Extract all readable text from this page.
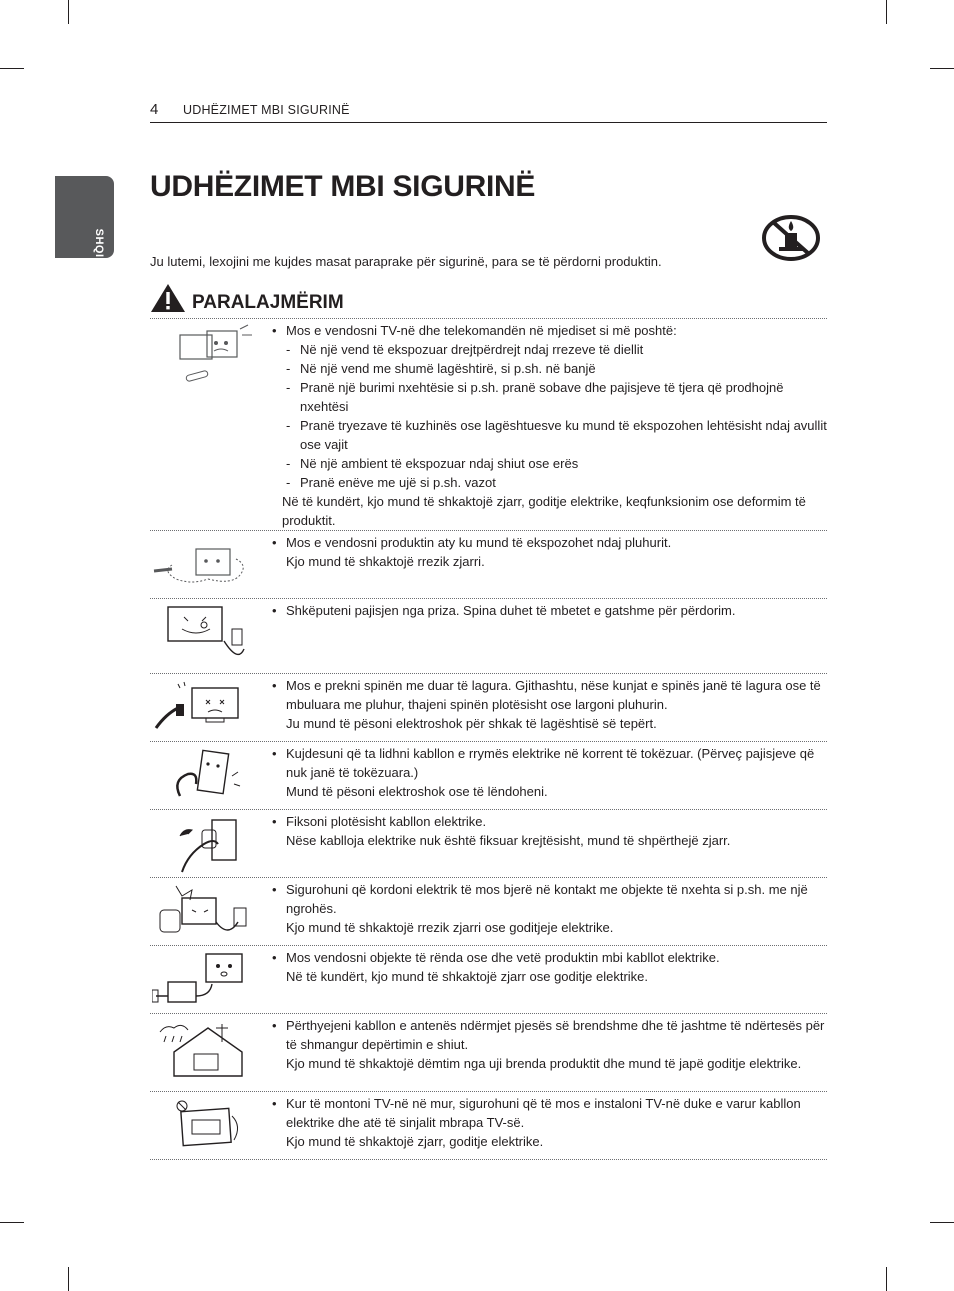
4 UDHËZIMET MBI SIGURINË
SHQIP
UDHËZIMET MBI SIGURINË
Ju lutemi, lexojini me kujdes masat paraprake për sigurinë, para se të përdorni produktin.
PARALAJMËRIM
• Mos e vendosni TV-në dhe telekomandën në mjediset si më poshtë:
- Në një vend të ekspozuar drejtpërdrejt ndaj rrezeve të diellit
- Në një vend me shumë lagështirë, si p.sh. në banjë
- Pranë një burimi nxehtësie si p.sh. pranë sobave dhe pajisjeve të tjera që prodhojnë nxehtësi
- Pranë tryezave të kuzhinës ose lagështuesve ku mund të ekspozohen lehtësisht ndaj avullit ose vajit
- Në një ambient të ekspozuar ndaj shiut ose erës
- Pranë enëve me ujë si p.sh. vazot
Në të kundërt, kjo mund të shkaktojë zjarr, goditje elektrike, keqfunksionim ose deformim të produktit.
• Mos e vendosni produktin aty ku mund të ekspozohet ndaj pluhurit.
Kjo mund të shkaktojë rrezik zjarri.
• Shkëputeni pajisjen nga priza. Spina duhet të mbetet e gatshme për përdorim.
• Mos e prekni spinën me duar të lagura. Gjithashtu, nëse kunjat e spinës janë të lagura ose të mbuluara me pluhur, thajeni spinën plotësisht ose largoni pluhurin.
Ju mund të pësoni elektroshok për shkak të lagështisë së tepërt.
• Kujdesuni që ta lidhni kabllon e rrymës elektrike në korrent të tokëzuar. (Përveç pajisjeve që nuk janë të tokëzuara.)
Mund të pësoni elektroshok ose të lëndoheni.
• Fiksoni plotësisht kabllon elektrike.
Nëse kablloja elektrike nuk është fiksuar krejtësisht, mund të shpërthejë zjarr.
• Sigurohuni që kordoni elektrik të mos bjerë në kontakt me objekte të nxehta si p.sh. me një ngrohës.
Kjo mund të shkaktojë rrezik zjarri ose goditjeje elektrike.
• Mos vendosni objekte të rënda ose dhe vetë produktin mbi kabllot elektrike.
Në të kundërt, kjo mund të shkaktojë zjarr ose goditje elektrike.
• Përthyejeni kabllon e antenës ndërmjet pjesës së brendshme dhe të jashtme të ndërtesës për të shmangur depërtimin e shiut.
Kjo mund të shkaktojë dëmtim nga uji brenda produktit dhe mund të japë goditje elektrike.
• Kur të montoni TV-në në mur, sigurohuni që të mos e instaloni TV-në duke e varur kabllon elektrike dhe atë të sinjalit mbrapa TV-së.
Kjo mund të shkaktojë zjarr, goditje elektrike.
